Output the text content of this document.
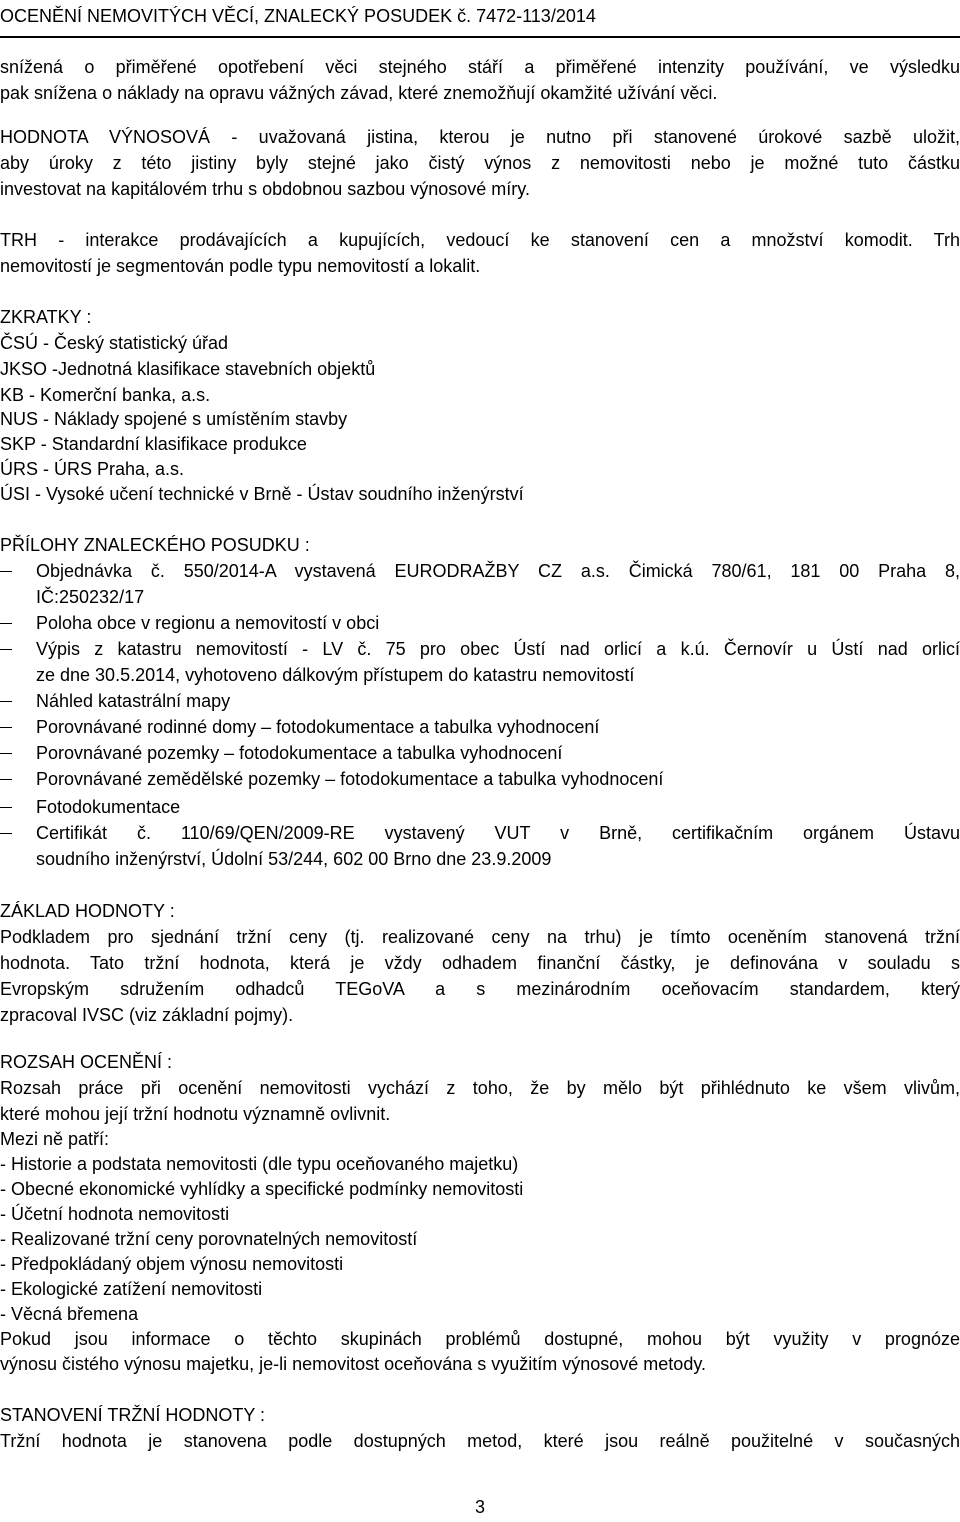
OCENĚNÍ NEMOVITÝCH VĚCÍ, ZNALECKÝ POSUDEK č. 7472-113/2014
snížená o přiměřené opotřebení věci stejného stáří a přiměřené intenzity používání, ve výsledku
pak snížena o náklady na opravu vážných závad, které znemožňují okamžité užívání věci.
HODNOTA VÝNOSOVÁ - uvažovaná jistina, kterou je nutno při stanovené úrokové sazbě uložit,
aby úroky z této jistiny byly stejné jako čistý výnos z nemovitosti nebo je možné tuto částku
investovat na kapitálovém trhu s obdobnou sazbou výnosové míry.
TRH - interakce prodávajících a kupujících, vedoucí ke stanovení cen a množství komodit. Trh
nemovitostí je segmentován podle typu nemovitostí a lokalit.
ZKRATKY :
ČSÚ - Český statistický úřad
JKSO -Jednotná klasifikace stavebních objektů
KB - Komerční banka, a.s.
NUS - Náklady spojené s umístěním stavby
SKP - Standardní klasifikace produkce
ÚRS - ÚRS Praha, a.s.
ÚSI - Vysoké učení technické v Brně - Ústav soudního inženýrství
PŘÍLOHY ZNALECKÉHO POSUDKU :
Objednávka č. 550/2014-A vystavená EURODRAŽBY CZ a.s. Čimická 780/61, 181 00 Praha 8,
IČ:250232/17
Poloha obce v regionu a nemovitostí v obci
Výpis z katastru nemovitostí - LV č. 75 pro obec Ústí nad orlicí a k.ú. Černovír u Ústí nad orlicí
ze dne 30.5.2014, vyhotoveno dálkovým přístupem do katastru nemovitostí
Náhled katastrální mapy
Porovnávané rodinné domy – fotodokumentace a tabulka vyhodnocení
Porovnávané pozemky – fotodokumentace a tabulka vyhodnocení
Porovnávané zemědělské pozemky – fotodokumentace a tabulka vyhodnocení
Fotodokumentace
Certifikát č. 110/69/QEN/2009-RE vystavený VUT v Brně, certifikačním orgánem Ústavu
soudního inženýrství, Údolní 53/244, 602 00 Brno dne 23.9.2009
ZÁKLAD HODNOTY :
Podkladem pro sjednání tržní ceny (tj. realizované ceny na trhu) je tímto oceněním stanovená tržní
hodnota. Tato tržní hodnota, která je vždy odhadem finanční částky, je definována v souladu s
Evropským sdružením odhadců TEGoVA a s mezinárodním oceňovacím standardem, který
zpracoval IVSC (viz základní pojmy).
ROZSAH OCENĚNÍ :
Rozsah práce při ocenění nemovitosti vychází z toho, že by mělo být přihlédnuto ke všem vlivům,
které mohou její tržní hodnotu významně ovlivnit.
Mezi ně patří:
- Historie a podstata nemovitosti (dle typu oceňovaného majetku)
- Obecné ekonomické vyhlídky a specifické podmínky nemovitosti
- Účetní hodnota nemovitosti
- Realizované tržní ceny porovnatelných nemovitostí
- Předpokládaný objem výnosu nemovitosti
- Ekologické zatížení nemovitosti
- Věcná břemena
Pokud jsou informace o těchto skupinách problémů dostupné, mohou být využity v prognóze
výnosu čistého výnosu majetku, je-li nemovitost oceňována s využitím výnosové metody.
STANOVENÍ TRŽNÍ HODNOTY :
Tržní hodnota je stanovena podle dostupných metod, které jsou reálně použitelné v současných
3
